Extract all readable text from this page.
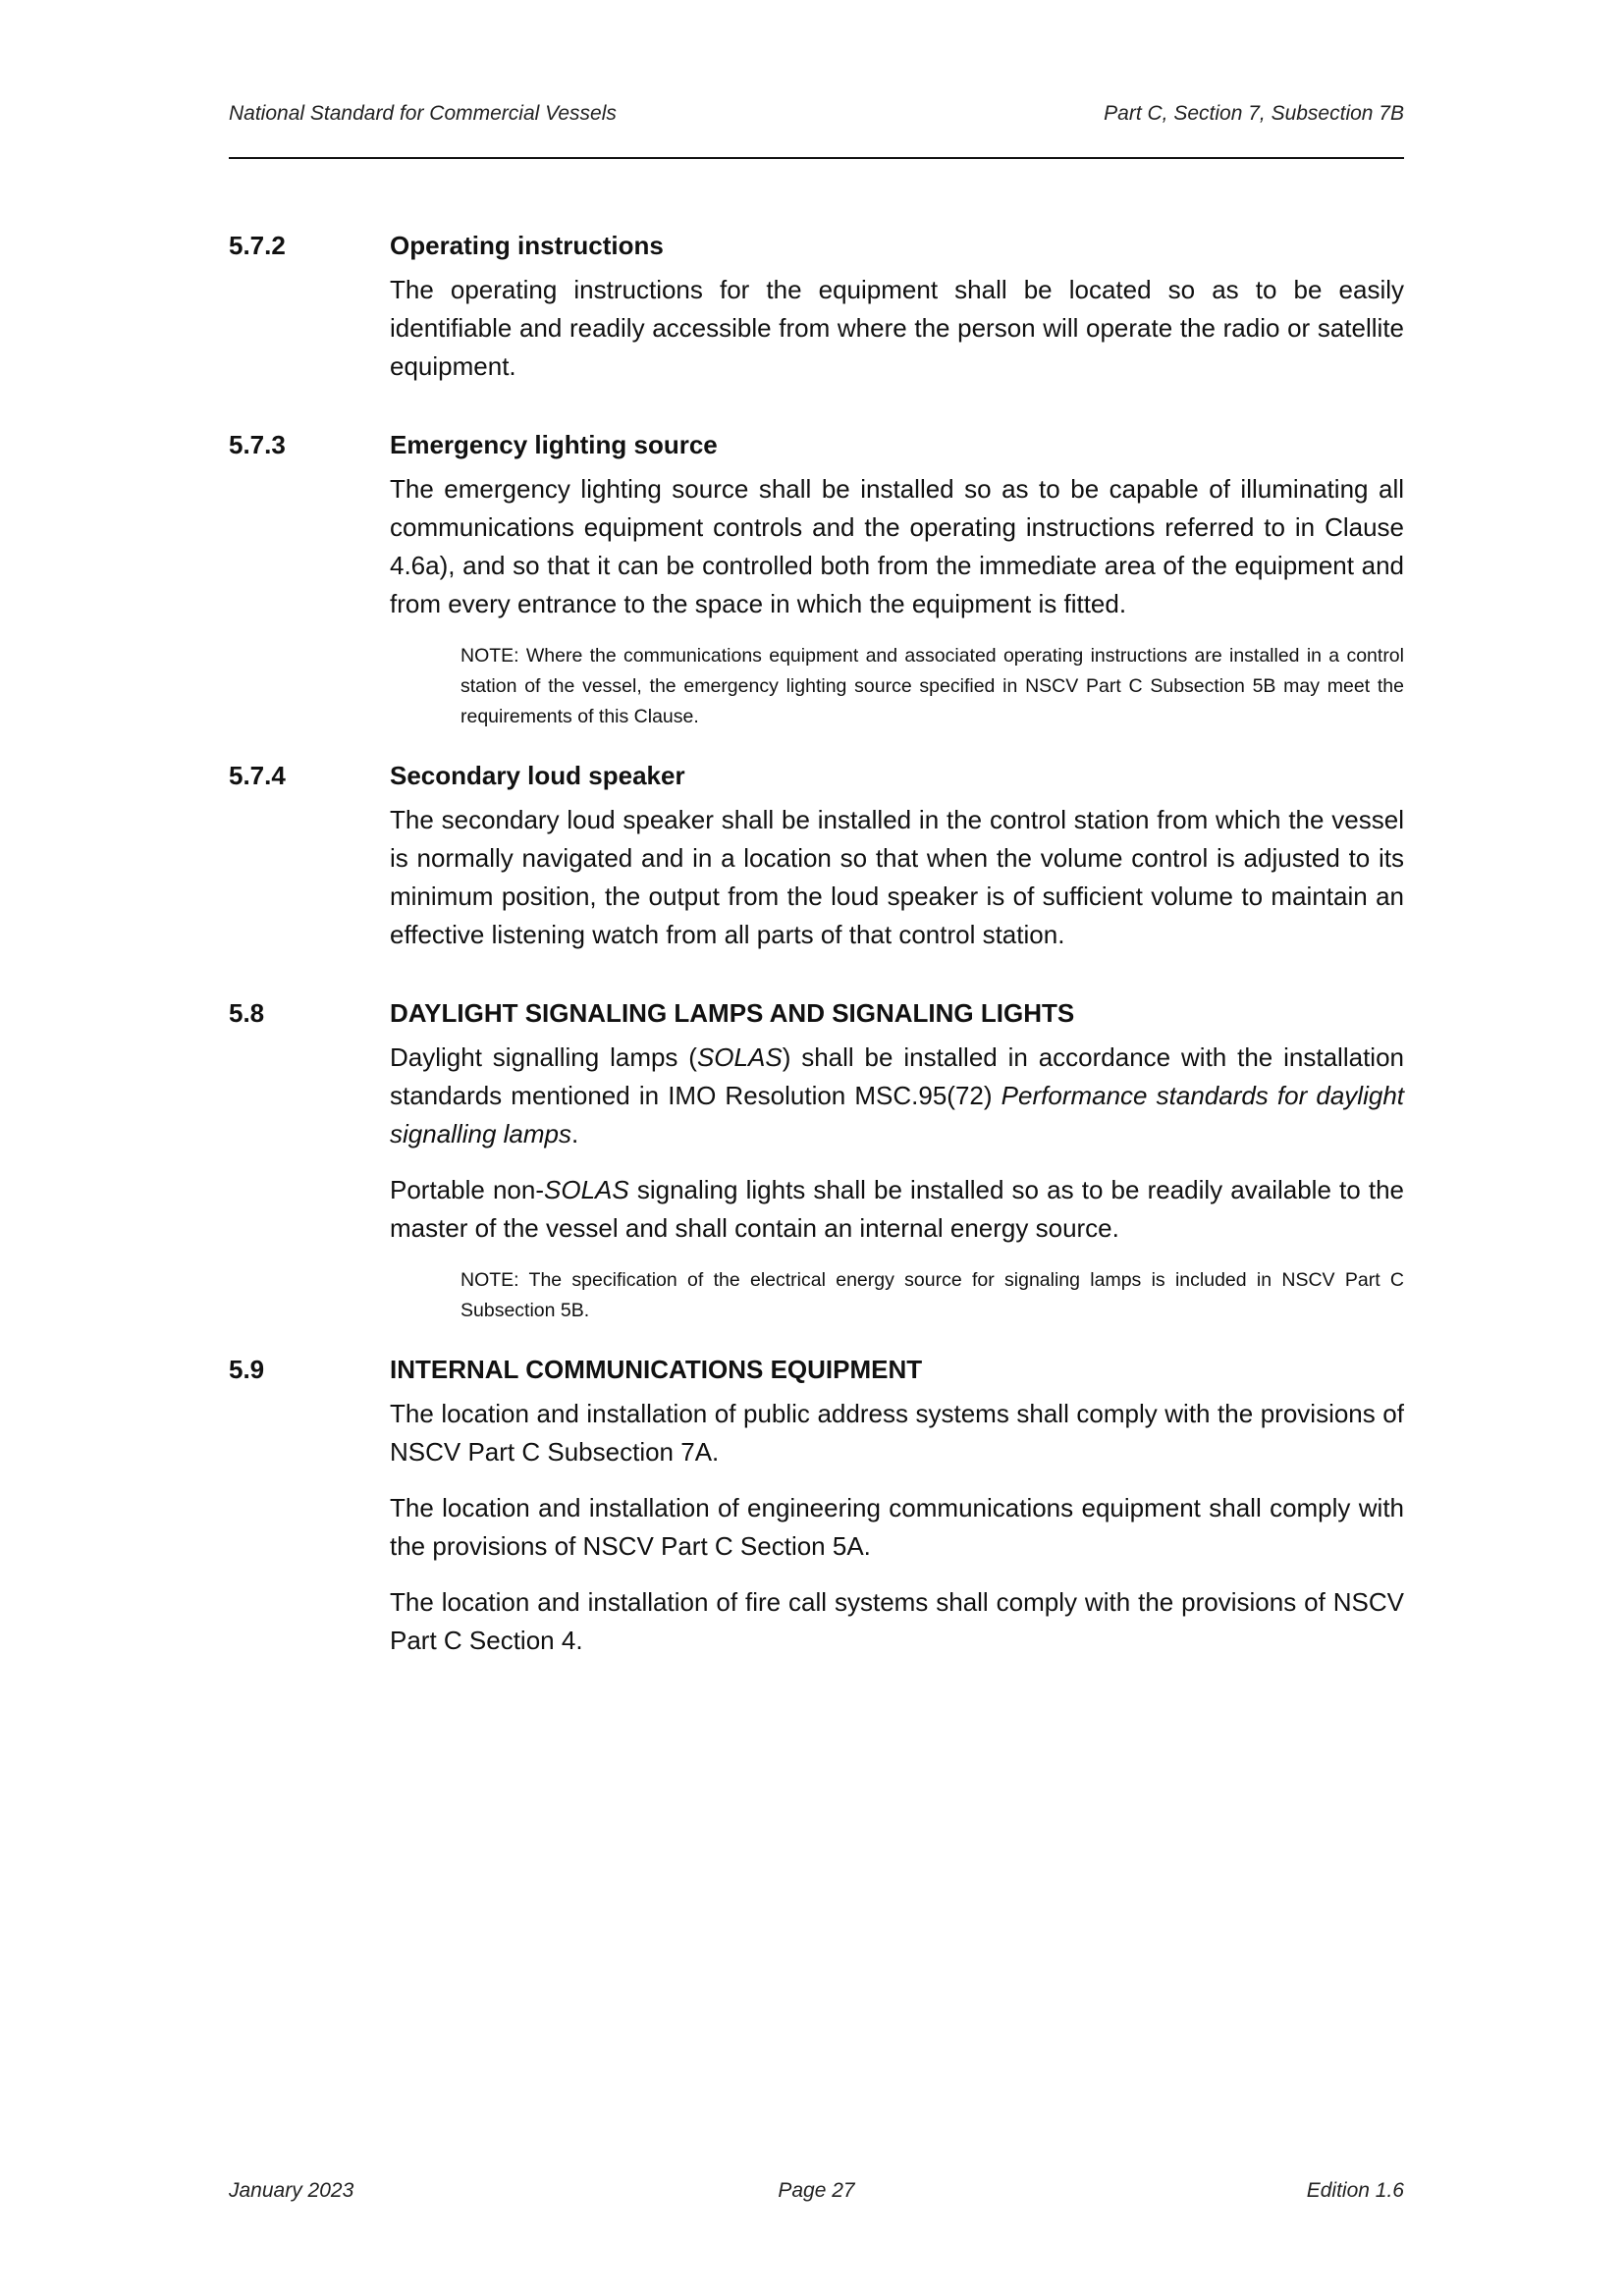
National Standard for Commercial Vessels	Part C, Section 7, Subsection 7B
5.7.2	Operating instructions

The operating instructions for the equipment shall be located so as to be easily identifiable and readily accessible from where the person will operate the radio or satellite equipment.

5.7.3	Emergency lighting source

The emergency lighting source shall be installed so as to be capable of illuminating all communications equipment controls and the operating instructions referred to in Clause 4.6a), and so that it can be controlled both from the immediate area of the equipment and from every entrance to the space in which the equipment is fitted.

NOTE: Where the communications equipment and associated operating instructions are installed in a control station of the vessel, the emergency lighting source specified in NSCV Part C Subsection 5B may meet the requirements of this Clause.

5.7.4	Secondary loud speaker

The secondary loud speaker shall be installed in the control station from which the vessel is normally navigated and in a location so that when the volume control is adjusted to its minimum position, the output from the loud speaker is of sufficient volume to maintain an effective listening watch from all parts of that control station.

5.8	DAYLIGHT SIGNALING LAMPS AND SIGNALING LIGHTS

Daylight signalling lamps (SOLAS) shall be installed in accordance with the installation standards mentioned in IMO Resolution MSC.95(72) Performance standards for daylight signalling lamps.

Portable non-SOLAS signaling lights shall be installed so as to be readily available to the master of the vessel and shall contain an internal energy source.

NOTE: The specification of the electrical energy source for signaling lamps is included in NSCV Part C Subsection 5B.

5.9	INTERNAL COMMUNICATIONS EQUIPMENT

The location and installation of public address systems shall comply with the provisions of NSCV Part C Subsection 7A.

The location and installation of engineering communications equipment shall comply with the provisions of NSCV Part C Section 5A.

The location and installation of fire call systems shall comply with the provisions of NSCV Part C Section 4.

January 2023	Page 27	Edition 1.6
